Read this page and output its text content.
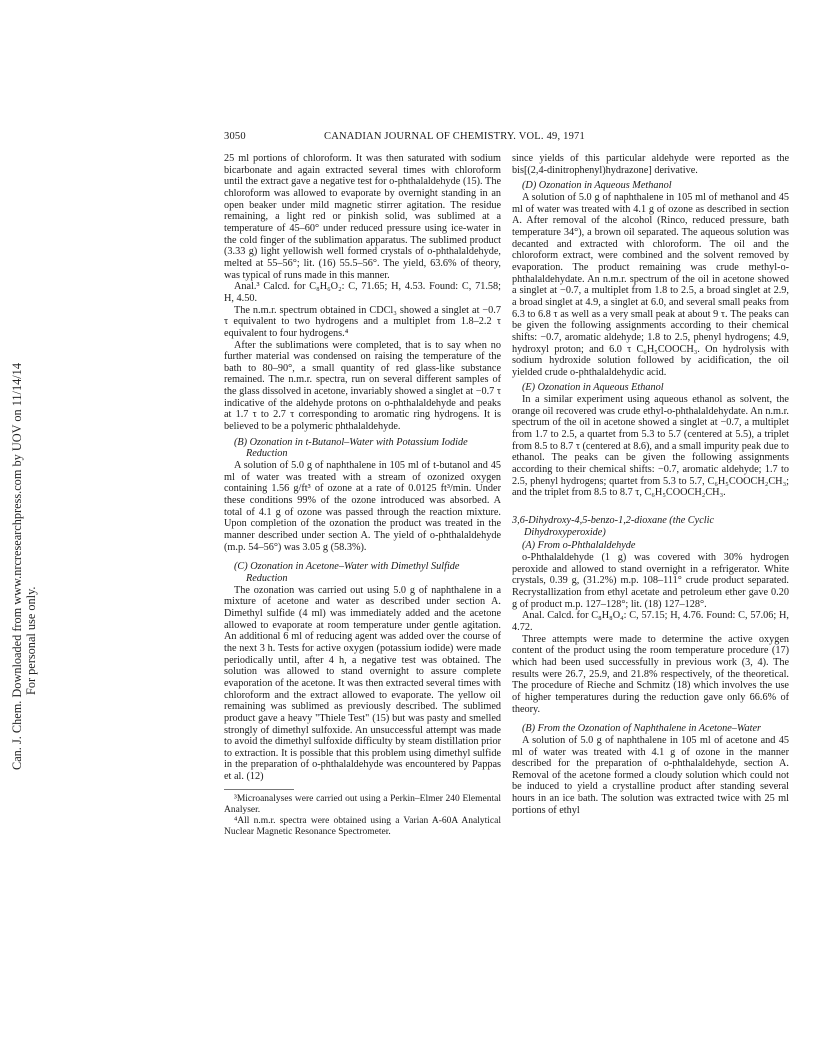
Can. J. Chem. Downloaded from www.nrcresearchpress.com by UOV on 11/14/14 For personal use only.
3050	CANADIAN JOURNAL OF CHEMISTRY. VOL. 49, 1971

25 ml portions of chloroform. It was then saturated with sodium bicarbonate and again extracted several times with chloroform until the extract gave a negative test for o-phthalaldehyde (15). The chloroform was allowed to evaporate by overnight standing in an open beaker under mild magnetic stirrer agitation. The residue remaining, a light red or pinkish solid, was sublimed at a temperature of 45–60° under reduced pressure using ice-water in the cold finger of the sublimation apparatus. The sublimed product (3.33 g) light yellowish well formed crystals of o-phthalaldehyde, melted at 55–56°; lit. (16) 55.5–56°. The yield, 63.6% of theory, was typical of runs made in this manner.

Anal.³ Calcd. for C₈H₆O₂: C, 71.65; H, 4.53. Found: C, 71.58; H, 4.50.

The n.m.r. spectrum obtained in CDCl₃ showed a singlet at −0.7 τ equivalent to two hydrogens and a multiplet from 1.8–2.2 τ equivalent to four hydrogens.⁴

After the sublimations were completed, that is to say when no further material was condensed on raising the temperature of the bath to 80–90°, a small quantity of red glass-like substance remained. The n.m.r. spectra, run on several different samples of the glass dissolved in acetone, invariably showed a singlet at −0.7 τ indicative of the aldehyde protons on o-phthalaldehyde and peaks at 1.7 τ to 2.7 τ corresponding to aromatic ring hydrogens. It is believed to be a polymeric phthalaldehyde.

(B) Ozonation in t-Butanol–Water with Potassium Iodide Reduction

A solution of 5.0 g of naphthalene in 105 ml of t-butanol and 45 ml of water was treated with a stream of ozonized oxygen containing 1.56 g/ft³ of ozone at a rate of 0.0125 ft³/min. Under these conditions 99% of the ozone introduced was absorbed. A total of 4.1 g of ozone was passed through the reaction mixture. Upon completion of the ozonation the product was treated in the manner described under section A. The yield of o-phthalaldehyde (m.p. 54–56°) was 3.05 g (58.3%).

(C) Ozonation in Acetone–Water with Dimethyl Sulfide Reduction

The ozonation was carried out using 5.0 g of naphthalene in a mixture of acetone and water as described under section A. Dimethyl sulfide (4 ml) was immediately added and the acetone allowed to evaporate at room temperature under gentle agitation. An additional 6 ml of reducing agent was added over the course of the next 3 h. Tests for active oxygen (potassium iodide) were made periodically until, after 4 h, a negative test was obtained. The solution was allowed to stand overnight to assure complete evaporation of the acetone. It was then extracted several times with chloroform and the extract allowed to evaporate. The yellow oil remaining was sublimed as previously described. The sublimed product gave a heavy "Thiele Test" (15) but was pasty and smelled strongly of dimethyl sulfoxide. An unsuccessful attempt was made to avoid the dimethyl sulfoxide difficulty by steam distillation prior to extraction. It is possible that this problem using dimethyl sulfide in the preparation of o-phthalaldehyde was encountered by Pappas et al. (12)

³Microanalyses were carried out using a Perkin–Elmer 240 Elemental Analyser.

⁴All n.m.r. spectra were obtained using a Varian A-60A Analytical Nuclear Magnetic Resonance Spectrometer.

since yields of this particular aldehyde were reported as the bis[(2,4-dinitrophenyl)hydrazone] derivative.

(D) Ozonation in Aqueous Methanol

A solution of 5.0 g of naphthalene in 105 ml of methanol and 45 ml of water was treated with 4.1 g of ozone as described in section A. After removal of the alcohol (Rinco, reduced pressure, bath temperature 34°), a brown oil separated. The aqueous solution was decanted and extracted with chloroform. The oil and the chloroform extract, were combined and the solvent removed by evaporation. The product remaining was crude methyl-o-phthalaldehydate. An n.m.r. spectrum of the oil in acetone showed a singlet at −0.7, a multiplet from 1.8 to 2.5, a broad singlet at 2.9, a broad singlet at 4.9, a singlet at 6.0, and several small peaks from 6.3 to 6.8 τ as well as a very small peak at about 9 τ. The peaks can be given the following assignments according to their chemical shifts: −0.7, aromatic aldehyde; 1.8 to 2.5, phenyl hydrogens; 4.9, hydroxyl proton; and 6.0 τ C₆H₅COOCH₃. On hydrolysis with sodium hydroxide solution followed by acidification, the oil yielded crude o-phthalaldehydic acid.

(E) Ozonation in Aqueous Ethanol

In a similar experiment using aqueous ethanol as solvent, the orange oil recovered was crude ethyl-o-phthalaldehydate. An n.m.r. spectrum of the oil in acetone showed a singlet at −0.7, a multiplet from 1.7 to 2.5, a quartet from 5.3 to 5.7 (centered at 5.5), a triplet from 8.5 to 8.7 τ (centered at 8.6), and a small impurity peak due to ethanol. The peaks can be given the following assignments according to their chemical shifts: −0.7, aromatic aldehyde; 1.7 to 2.5, phenyl hydrogens; quartet from 5.3 to 5.7, C₆H₅COOCH₂CH₃; and the triplet from 8.5 to 8.7 τ, C₆H₅COOCH₂CH₃.

3,6-Dihydroxy-4,5-benzo-1,2-dioxane (the Cyclic Dihydroxyperoxide)
(A) From o-Phthalaldehyde

o-Phthalaldehyde (1 g) was covered with 30% hydrogen peroxide and allowed to stand overnight in a refrigerator. White crystals, 0.39 g, (31.2%) m.p. 108–111° crude product separated. Recrystallization from ethyl acetate and petroleum ether gave 0.20 g of product m.p. 127–128°; lit. (18) 127–128°.

Anal. Calcd. for C₈H₈O₄: C, 57.15; H, 4.76. Found: C, 57.06; H, 4.72.

Three attempts were made to determine the active oxygen content of the product using the room temperature procedure (17) which had been used successfully in previous work (3, 4). The results were 26.7, 25.9, and 21.8% respectively, of the theoretical. The procedure of Rieche and Schmitz (18) which involves the use of higher temperatures during the reduction gave only 66.6% of theory.

(B) From the Ozonation of Naphthalene in Acetone–Water

A solution of 5.0 g of naphthalene in 105 ml of acetone and 45 ml of water was treated with 4.1 g of ozone in the manner described for the preparation of o-phthalaldehyde, section A. Removal of the acetone formed a cloudy solution which could not be induced to yield a crystalline product after standing several hours in an ice bath. The solution was extracted twice with 25 ml portions of ethyl
